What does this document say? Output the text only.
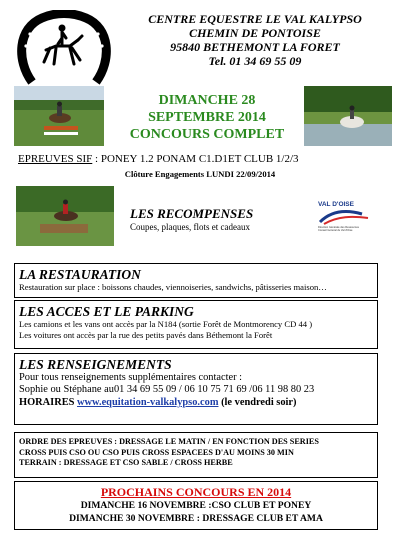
CENTRE EQUESTRE LE VAL KALYPSO
CHEMIN DE PONTOISE
95840 BETHEMONT LA FORET
Tel. 01 34 69 55 09
DIMANCHE 28
SEPTEMBRE 2014
CONCOURS COMPLET
EPREUVES SIF : PONEY 1.2 PONAM C1.D1ET CLUB 1/2/3
Clôture Engagements LUNDI 22/09/2014
LES RECOMPENSES
Coupes, plaques, flots et cadeaux
VAL D'OISE
Direction Générale des Ressources
Conseil Général du Val d'Oise
LA RESTAURATION
Restauration sur place : boissons chaudes, viennoiseries, sandwichs, pâtisseries maison…
LES ACCES ET LE PARKING
Les camions et les vans ont accès par la N184 (sortie Forêt de Montmorency CD 44 )
Les voitures ont accès par la rue des petits pavés dans Béthemont la Forêt
LES RENSEIGNEMENTS
Pour tous renseignements supplémentaires contacter :
Sophie ou Stéphane au01 34 69 55 09 / 06 10 75 71 69 /06 11 98 80 23
HORAIRES www.equitation-valkalypso.com (le vendredi soir)
ORDRE DES EPREUVES : DRESSAGE LE MATIN / EN FONCTION DES SERIES
CROSS PUIS CSO OU CSO PUIS CROSS ESPACEES D'AU MOINS 30 MIN
TERRAIN : DRESSAGE ET CSO SABLE / CROSS HERBE
PROCHAINS CONCOURS EN 2014
DIMANCHE 16 NOVEMBRE :CSO CLUB ET PONEY
DIMANCHE 30 NOVEMBRE : DRESSAGE CLUB ET AMA
